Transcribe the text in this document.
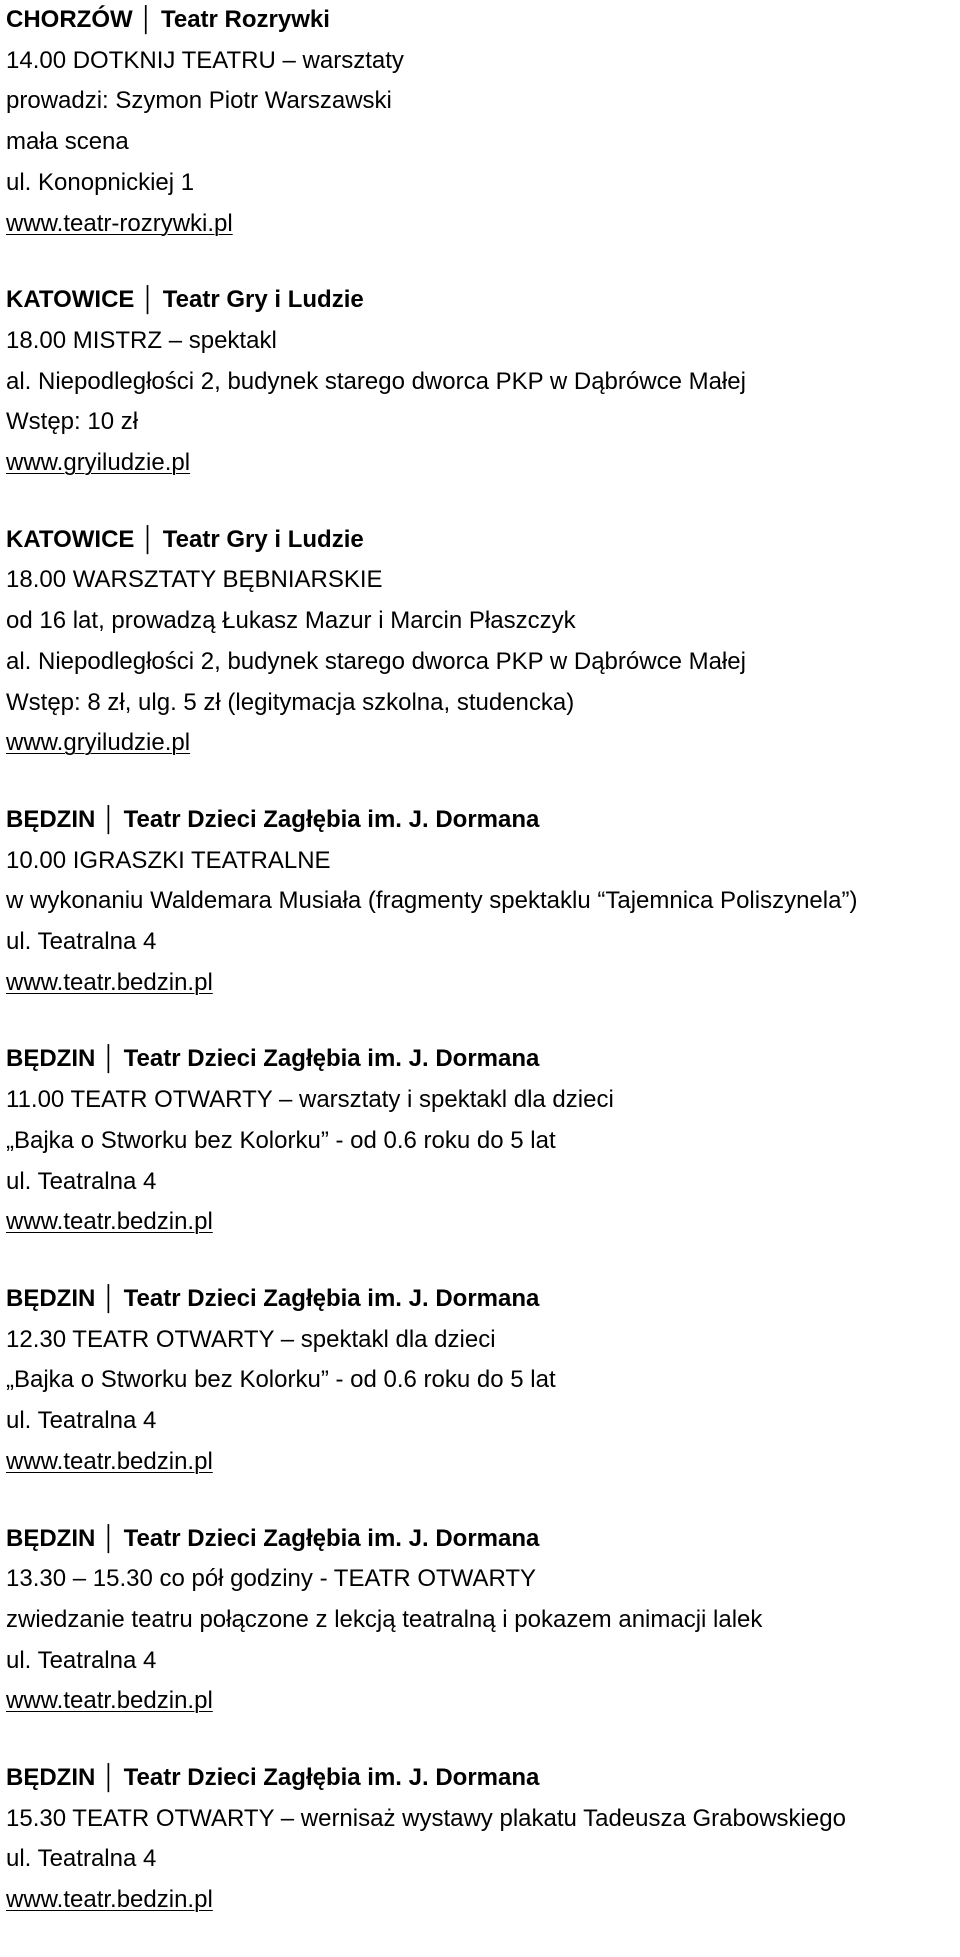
CHORZÓW │ Teatr Rozrywki

14.00 DOTKNIJ TEATRU – warsztaty

prowadzi: Szymon Piotr Warszawski

mała scena

ul. Konopnickiej 1

www.teatr-rozrywki.pl

KATOWICE │ Teatr Gry i Ludzie

18.00 MISTRZ – spektakl

al. Niepodległości 2, budynek starego dworca PKP w Dąbrówce Małej

Wstęp: 10 zł

www.gryiludzie.pl

KATOWICE │ Teatr Gry i Ludzie

18.00 WARSZTATY BĘBNIARSKIE

od 16 lat, prowadzą Łukasz Mazur i Marcin Płaszczyk

al. Niepodległości 2, budynek starego dworca PKP w Dąbrówce Małej

Wstęp: 8 zł, ulg. 5 zł (legitymacja szkolna, studencka)

www.gryiludzie.pl

BĘDZIN │ Teatr Dzieci Zagłębia im. J. Dormana

10.00 IGRASZKI TEATRALNE

w wykonaniu Waldemara Musiała (fragmenty spektaklu “Tajemnica Poliszynela”)

ul. Teatralna 4

www.teatr.bedzin.pl

BĘDZIN │ Teatr Dzieci Zagłębia im. J. Dormana

11.00 TEATR OTWARTY – warsztaty i spektakl dla dzieci

„Bajka o Stworku bez Kolorku” - od 0.6 roku do 5 lat

ul. Teatralna 4

www.teatr.bedzin.pl

BĘDZIN │ Teatr Dzieci Zagłębia im. J. Dormana

12.30 TEATR OTWARTY – spektakl dla dzieci

„Bajka o Stworku bez Kolorku” - od 0.6 roku do 5 lat

ul. Teatralna 4

www.teatr.bedzin.pl

BĘDZIN │ Teatr Dzieci Zagłębia im. J. Dormana

13.30 – 15.30 co pół godziny - TEATR OTWARTY

zwiedzanie teatru połączone z lekcją teatralną i pokazem animacji lalek

ul. Teatralna 4

www.teatr.bedzin.pl

BĘDZIN │ Teatr Dzieci Zagłębia im. J. Dormana

15.30 TEATR OTWARTY – wernisaż wystawy plakatu Tadeusza Grabowskiego

ul. Teatralna 4

www.teatr.bedzin.pl
